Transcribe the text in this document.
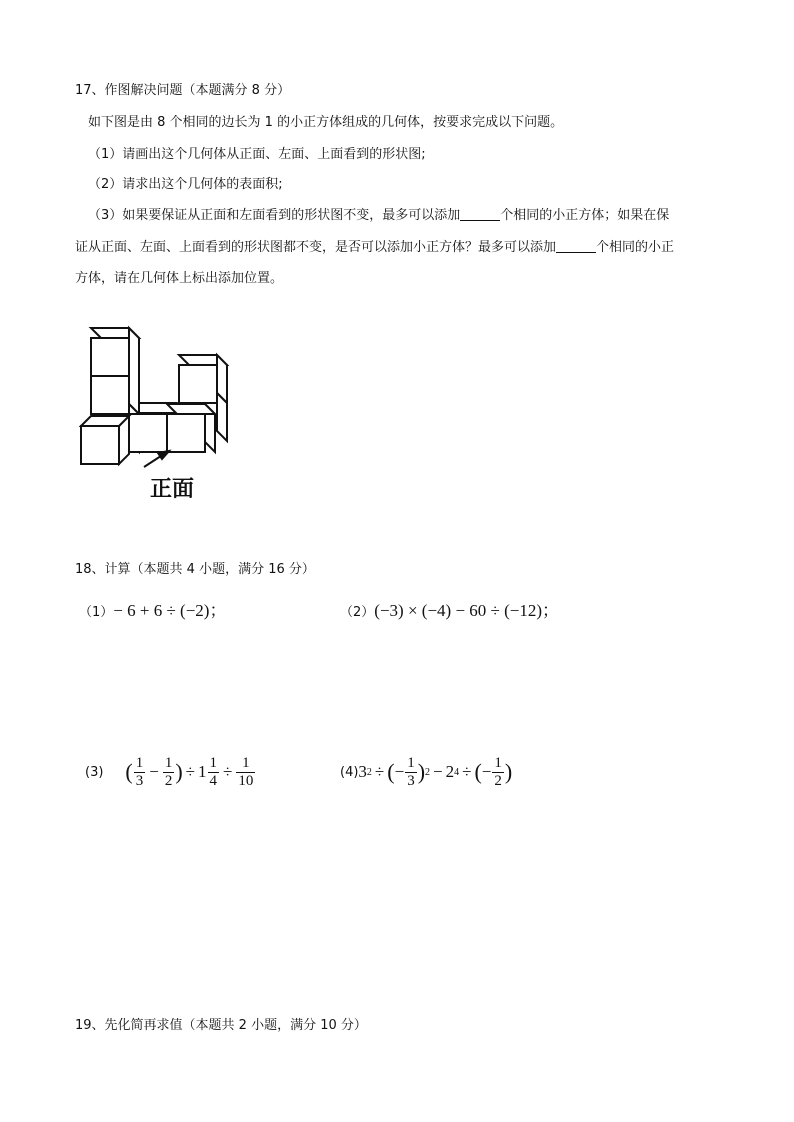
17、作图解决问题（本题满分 8 分）
如下图是由 8 个相同的边长为 1 的小正方体组成的几何体，按要求完成以下问题。
（1）请画出这个几何体从正面、左面、上面看到的形状图;
（2）请求出这个几何体的表面积;
（3）如果要保证从正面和左面看到的形状图不变，最多可以添加	个相同的小正方体；如果在保
证从正面、左面、上面看到的形状图都不变，是否可以添加小正方体？最多可以添加	个相同的小正
方体，请在几何体上标出添加位置。
正面
18、计算（本题共 4 小题，满分 16 分）
（1）− 6 + 6 ÷ (−2)；	（2）(−3) × (−4) − 60 ÷ (−12)；
(3) ( $\frac{1}{3} - \frac{1}{2}$ ) ÷ $1 \frac{1}{4} \div \frac{1}{10}$	(4) 3 2 ÷ ( − $\frac{1}{3}$ ) 2 − 2 4 ÷ ( − $\frac{1}{2}$ )
19、先化简再求值（本题共 2 小题，满分 10 分）
